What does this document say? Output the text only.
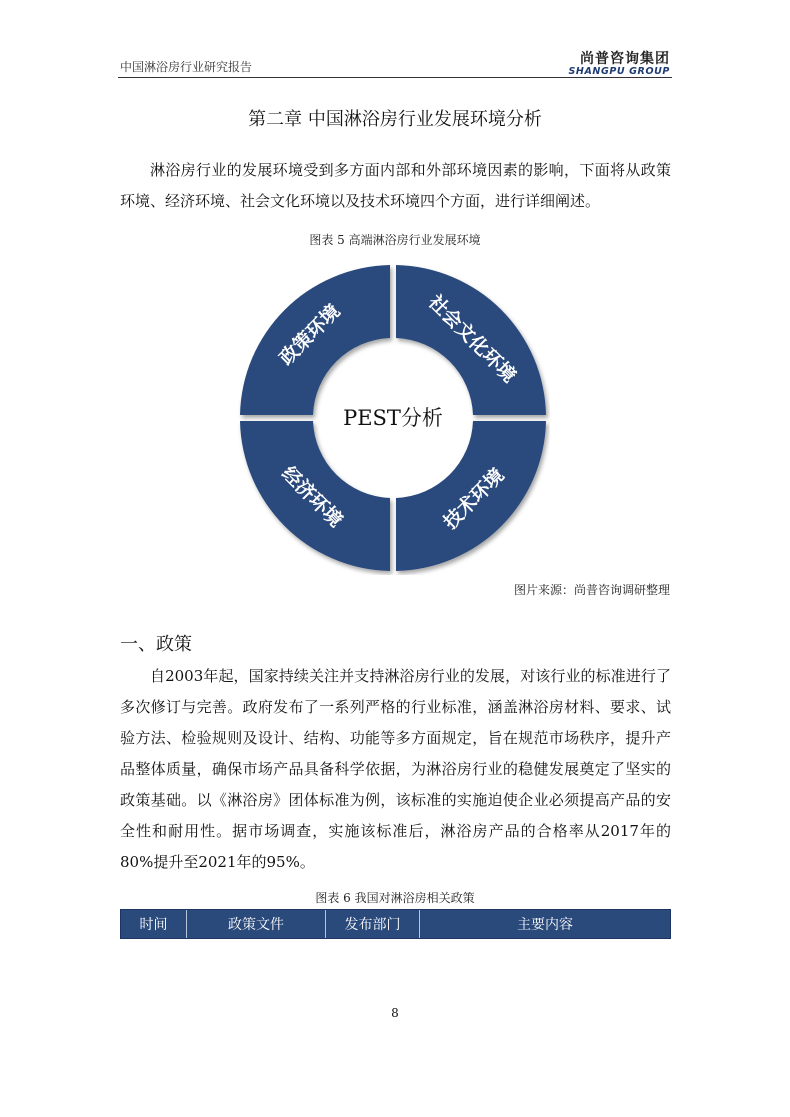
中国淋浴房行业研究报告	尚普咨询集团
SHANGPU GROUP
第二章 中国淋浴房行业发展环境分析

淋浴房行业的发展环境受到多方面内部和外部环境因素的影响，下面将从政策环境、经济环境、社会文化环境以及技术环境四个方面，进行详细阐述。

图表 5 高端淋浴房行业发展环境
政策环境	社会文化环境
经济环境	技术环境
PEST分析
图片来源：尚普咨询调研整理
一、政策

自2003年起，国家持续关注并支持淋浴房行业的发展，对该行业的标准进行了多次修订与完善。政府发布了一系列严格的行业标准，涵盖淋浴房材料、要求、试验方法、检验规则及设计、结构、功能等多方面规定，旨在规范市场秩序，提升产品整体质量，确保市场产品具备科学依据，为淋浴房行业的稳健发展奠定了坚实的政策基础。以《淋浴房》团体标准为例，该标准的实施迫使企业必须提高产品的安全性和耐用性。据市场调查，实施该标准后，淋浴房产品的合格率从2017年的80%提升至2021年的95%。

图表 6 我国对淋浴房相关政策
时间	政策文件	发布部门	主要内容
8
